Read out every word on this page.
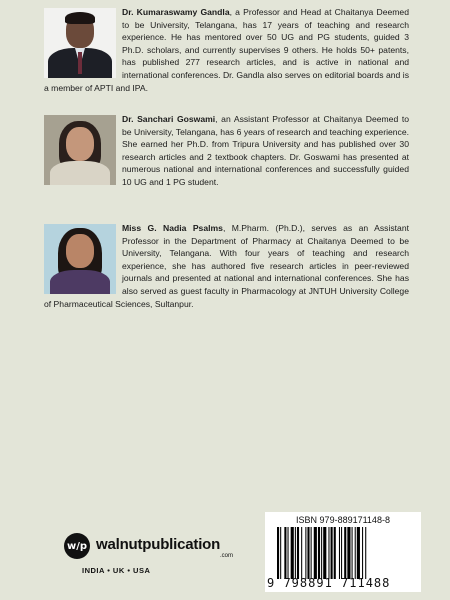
Dr. Kumaraswamy Gandla, a Professor and Head at Chaitanya Deemed to be University, Telangana, has 17 years of teaching and research experience. He has mentored over 50 UG and PG students, guided 3 Ph.D. scholars, and currently supervises 9 others. He holds 50+ patents, has published 277 research articles, and is active in national and international conferences. Dr. Gandla also serves on editorial boards and is a member of APTI and IPA.
Dr. Sanchari Goswami, an Assistant Professor at Chaitanya Deemed to be University, Telangana, has 6 years of research and teaching experience. She earned her Ph.D. from Tripura University and has published over 30 research articles and 2 textbook chapters. Dr. Goswami has presented at numerous national and international conferences and successfully guided 10 UG and 1 PG student.
Miss G. Nadia Psalms, M.Pharm. (Ph.D.), serves as an Assistant Professor in the Department of Pharmacy at Chaitanya Deemed to be University, Telangana. With four years of teaching and research experience, she has authored five research articles in peer-reviewed journals and presented at national and international conferences. She has also served as guest faculty in Pharmacology at JNTUH University College of Pharmaceutical Sciences, Sultanpur.
w/p walnutpublication
.com
INDIA • UK • USA
ISBN 979-889171148-8
9 798891 711488
